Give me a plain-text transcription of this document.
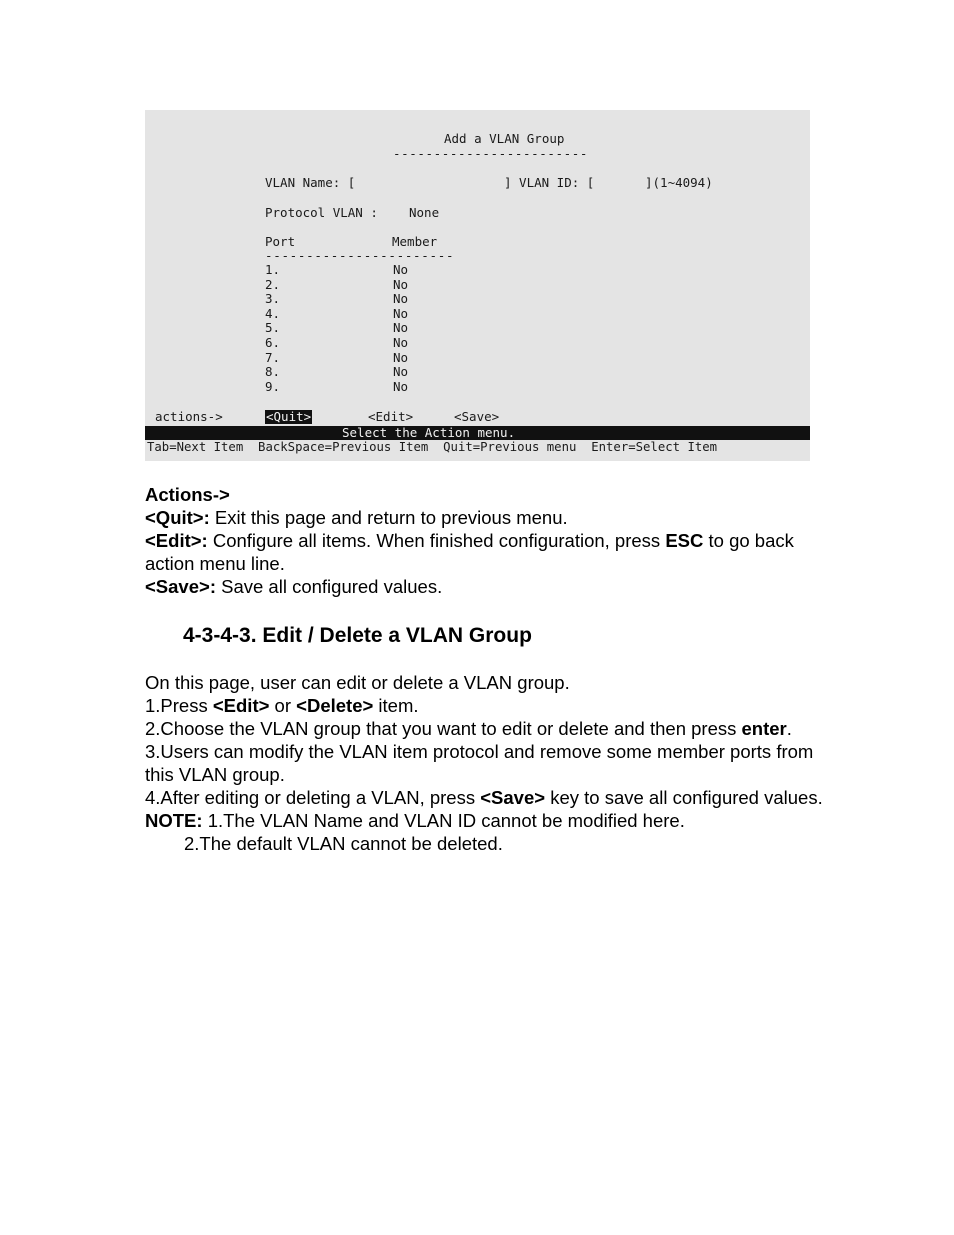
Add a VLAN Group
------------------------
VLAN Name: [	] VLAN ID: [	](1~4094)
Protocol VLAN : None
Port	Member
-----------------------
1.	No
2.	No
3.	No
4.	No
5.	No
6.	No
7.	No
8.	No
9.	No
actions->	<Quit>	<Edit>	<Save>
Select the Action menu.
Tab=Next Item  BackSpace=Previous Item  Quit=Previous menu  Enter=Select Item

Actions->

<Quit>: Exit this page and return to previous menu.

<Edit>: Configure all items. When finished configuration, press ESC to go back action menu line.

<Save>: Save all configured values.

4-3-4-3. Edit / Delete a VLAN Group

On this page, user can edit or delete a VLAN group.

1.Press <Edit> or <Delete> item.

2.Choose the VLAN group that you want to edit or delete and then press enter.

3.Users can modify the VLAN item protocol and remove some member ports from this VLAN group.

4.After editing or deleting a VLAN, press <Save> key to save all configured values.

NOTE: 1.The VLAN Name and VLAN ID cannot be modified here.

2.The default VLAN cannot be deleted.
